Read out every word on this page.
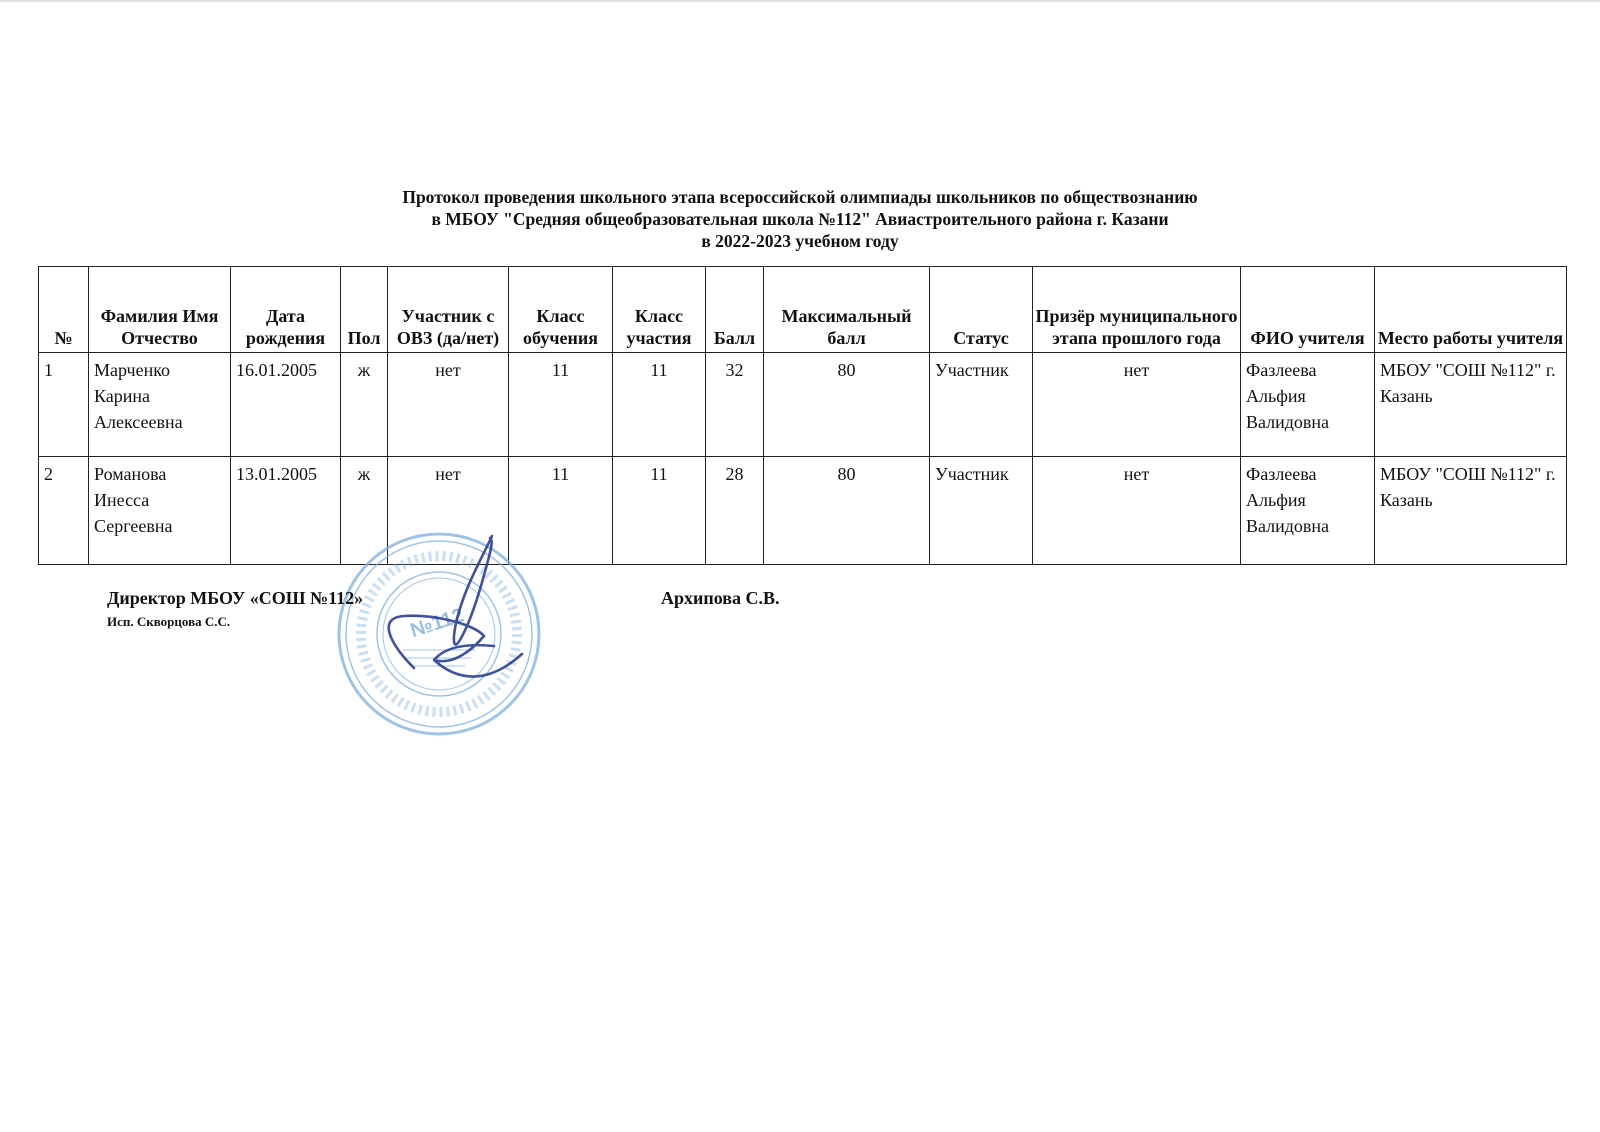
Протокол проведения школьного этапа всероссийской олимпиады школьников по обществознанию
в МБОУ "Средняя общеобразовательная школа №112" Авиастроительного района г. Казани
в 2022-2023 учебном году
№	Фамилия Имя Отчество	Дата рождения	Пол	Участник с ОВЗ (да/нет)	Класс обучения	Класс участия	Балл	Максимальный балл	Статус	Призёр муниципального этапа прошлого года	ФИО учителя	Место работы учителя
1	Марченко Карина Алексеевна	16.01.2005	ж	нет	11	11	32	80	Участник	нет	Фазлеева Альфия Валидовна	МБОУ "СОШ №112" г. Казань
2	Романова Инесса Сергеевна	13.01.2005	ж	нет	11	11	28	80	Участник	нет	Фазлеева Альфия Валидовна	МБОУ "СОШ №112" г. Казань
№112
Директор МБОУ «СОШ №112»	Архипова С.В.
Исп. Скворцова С.С.
